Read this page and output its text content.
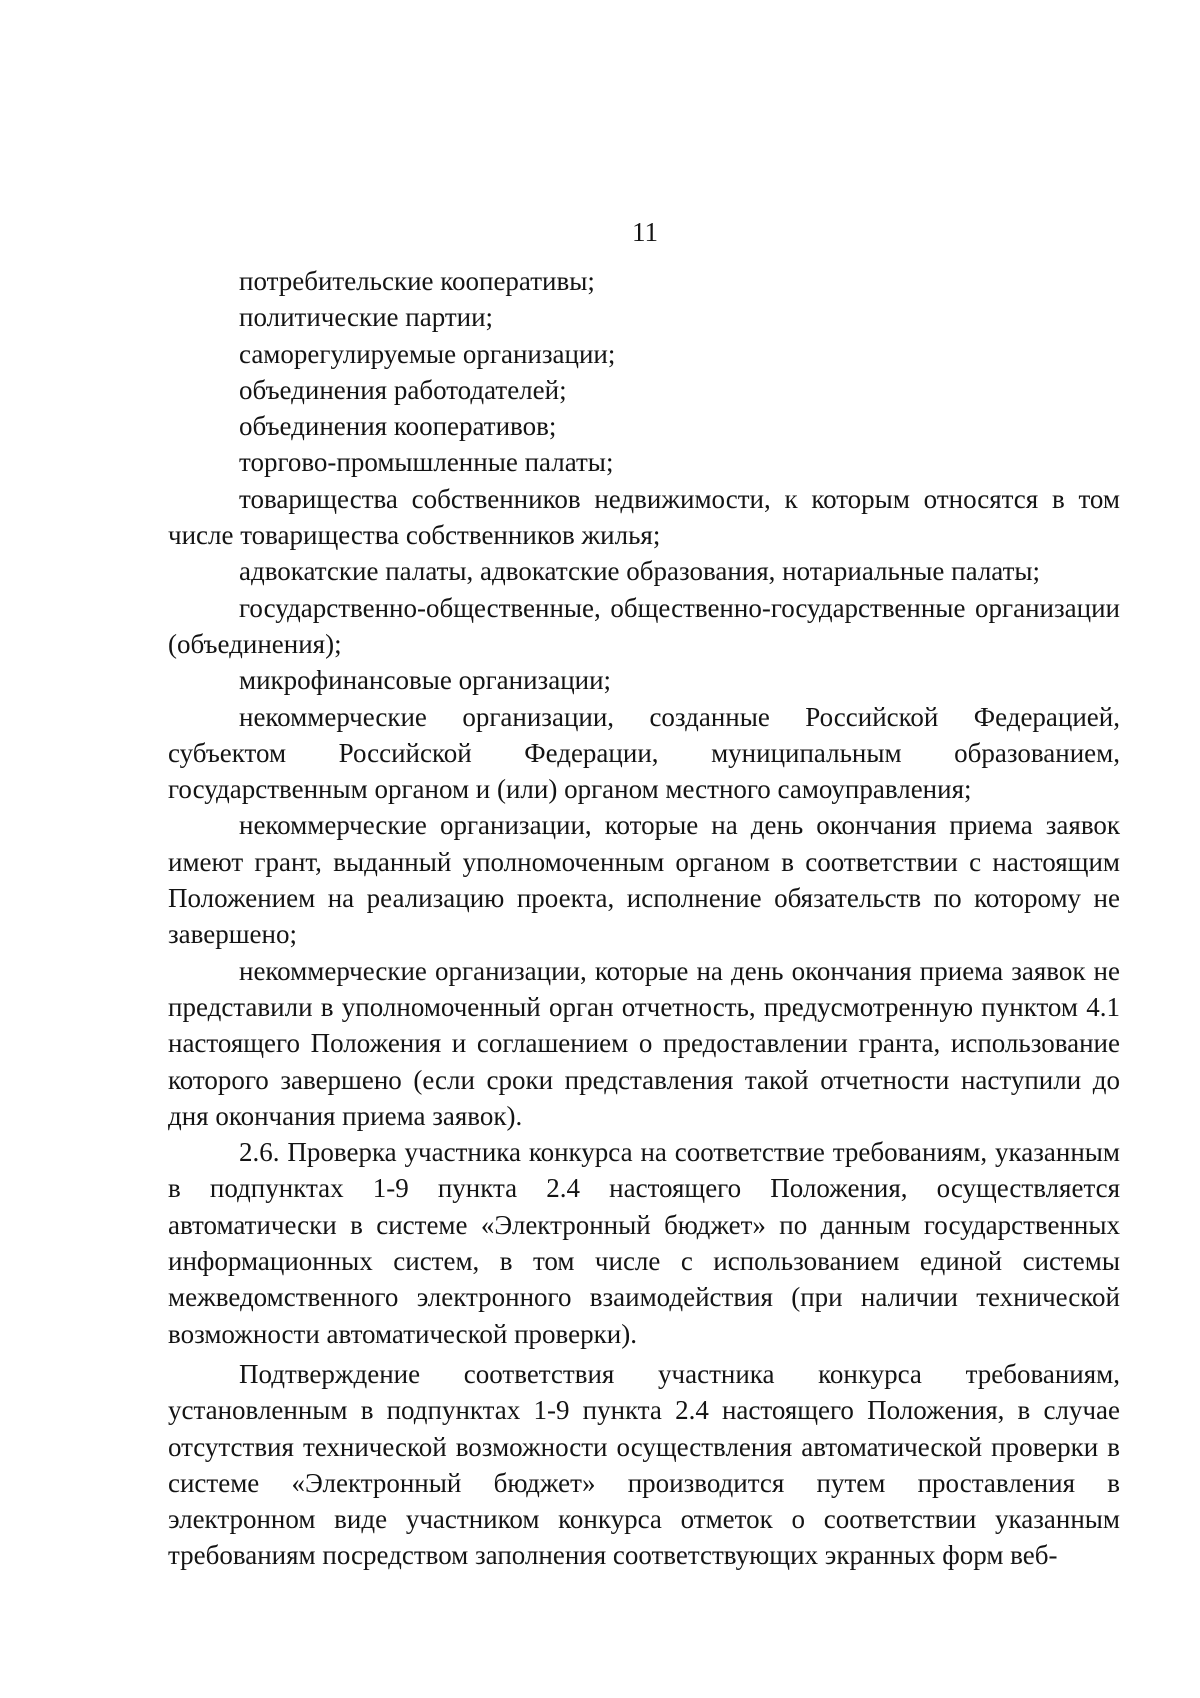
11

потребительские кооперативы;

политические партии;

саморегулируемые организации;

объединения работодателей;

объединения кооперативов;

торгово-промышленные палаты;

товарищества собственников недвижимости, к которым относятся в том числе товарищества собственников жилья;

адвокатские палаты, адвокатские образования, нотариальные палаты;

государственно-общественные, общественно-государственные организации (объединения);

микрофинансовые организации;

некоммерческие организации, созданные Российской Федерацией, субъектом Российской Федерации, муниципальным образованием, государственным органом и (или) органом местного самоуправления;

некоммерческие организации, которые на день окончания приема заявок имеют грант, выданный уполномоченным органом в соответствии с настоящим Положением на реализацию проекта, исполнение обязательств по которому не завершено;

некоммерческие организации, которые на день окончания приема заявок не представили в уполномоченный орган отчетность, предусмотренную пунктом 4.1 настоящего Положения и соглашением о предоставлении гранта, использование которого завершено (если сроки представления такой отчетности наступили до дня окончания приема заявок).

2.6. Проверка участника конкурса на соответствие требованиям, указанным в подпунктах 1-9 пункта 2.4 настоящего Положения, осуществляется автоматически в системе «Электронный бюджет» по данным государственных информационных систем, в том числе с использованием единой системы межведомственного электронного взаимодействия (при наличии технической возможности автоматической проверки).

Подтверждение соответствия участника конкурса требованиям, установленным в подпунктах 1-9 пункта 2.4 настоящего Положения, в случае отсутствия технической возможности осуществления автоматической проверки в системе «Электронный бюджет» производится путем проставления в электронном виде участником конкурса отметок о соответствии указанным требованиям посредством заполнения соответствующих экранных форм веб-
